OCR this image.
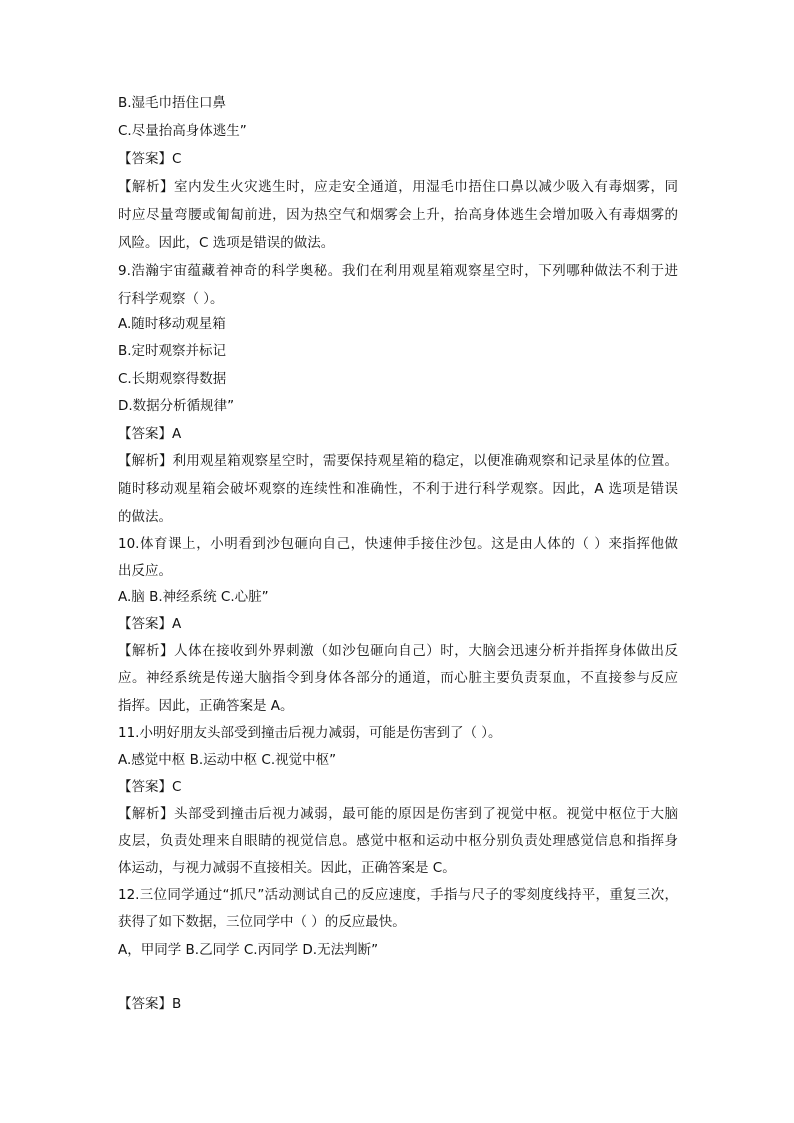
B.湿毛巾捂住口鼻
C.尽量抬高身体逃生”
【答案】C
【解析】室内发生火灾逃生时，应走安全通道，用湿毛巾捂住口鼻以减少吸入有毒烟雾，同
时应尽量弯腰或匍匐前进，因为热空气和烟雾会上升，抬高身体逃生会增加吸入有毒烟雾的
风险。因此，C 选项是错误的做法。
9.浩瀚宇宙蕴藏着神奇的科学奥秘。我们在利用观星箱观察星空时，下列哪种做法不利于进
行科学观察（ ）。
A.随时移动观星箱
B.定时观察并标记
C.长期观察得数据
D.数据分析循规律”
【答案】A
【解析】利用观星箱观察星空时，需要保持观星箱的稳定，以便准确观察和记录星体的位置。
随时移动观星箱会破坏观察的连续性和准确性，不利于进行科学观察。因此，A 选项是错误
的做法。
10.体育课上，小明看到沙包砸向自己，快速伸手接住沙包。这是由人体的（ ）来指挥他做
出反应。
A.脑 B.神经系统 C.心脏”
【答案】A
【解析】人体在接收到外界刺激（如沙包砸向自己）时，大脑会迅速分析并指挥身体做出反
应。神经系统是传递大脑指令到身体各部分的通道，而心脏主要负责泵血，不直接参与反应
指挥。因此，正确答案是 A。
11.小明好朋友头部受到撞击后视力减弱，可能是伤害到了（ ）。
A.感觉中枢 B.运动中枢 C.视觉中枢”
【答案】C
【解析】头部受到撞击后视力减弱，最可能的原因是伤害到了视觉中枢。视觉中枢位于大脑
皮层，负责处理来自眼睛的视觉信息。感觉中枢和运动中枢分别负责处理感觉信息和指挥身
体运动，与视力减弱不直接相关。因此，正确答案是 C。
12.三位同学通过“抓尺”活动测试自己的反应速度，手指与尺子的零刻度线持平，重复三次，
获得了如下数据，三位同学中（ ）的反应最快。
A，甲同学 B.乙同学 C.丙同学 D.无法判断”
【答案】B
